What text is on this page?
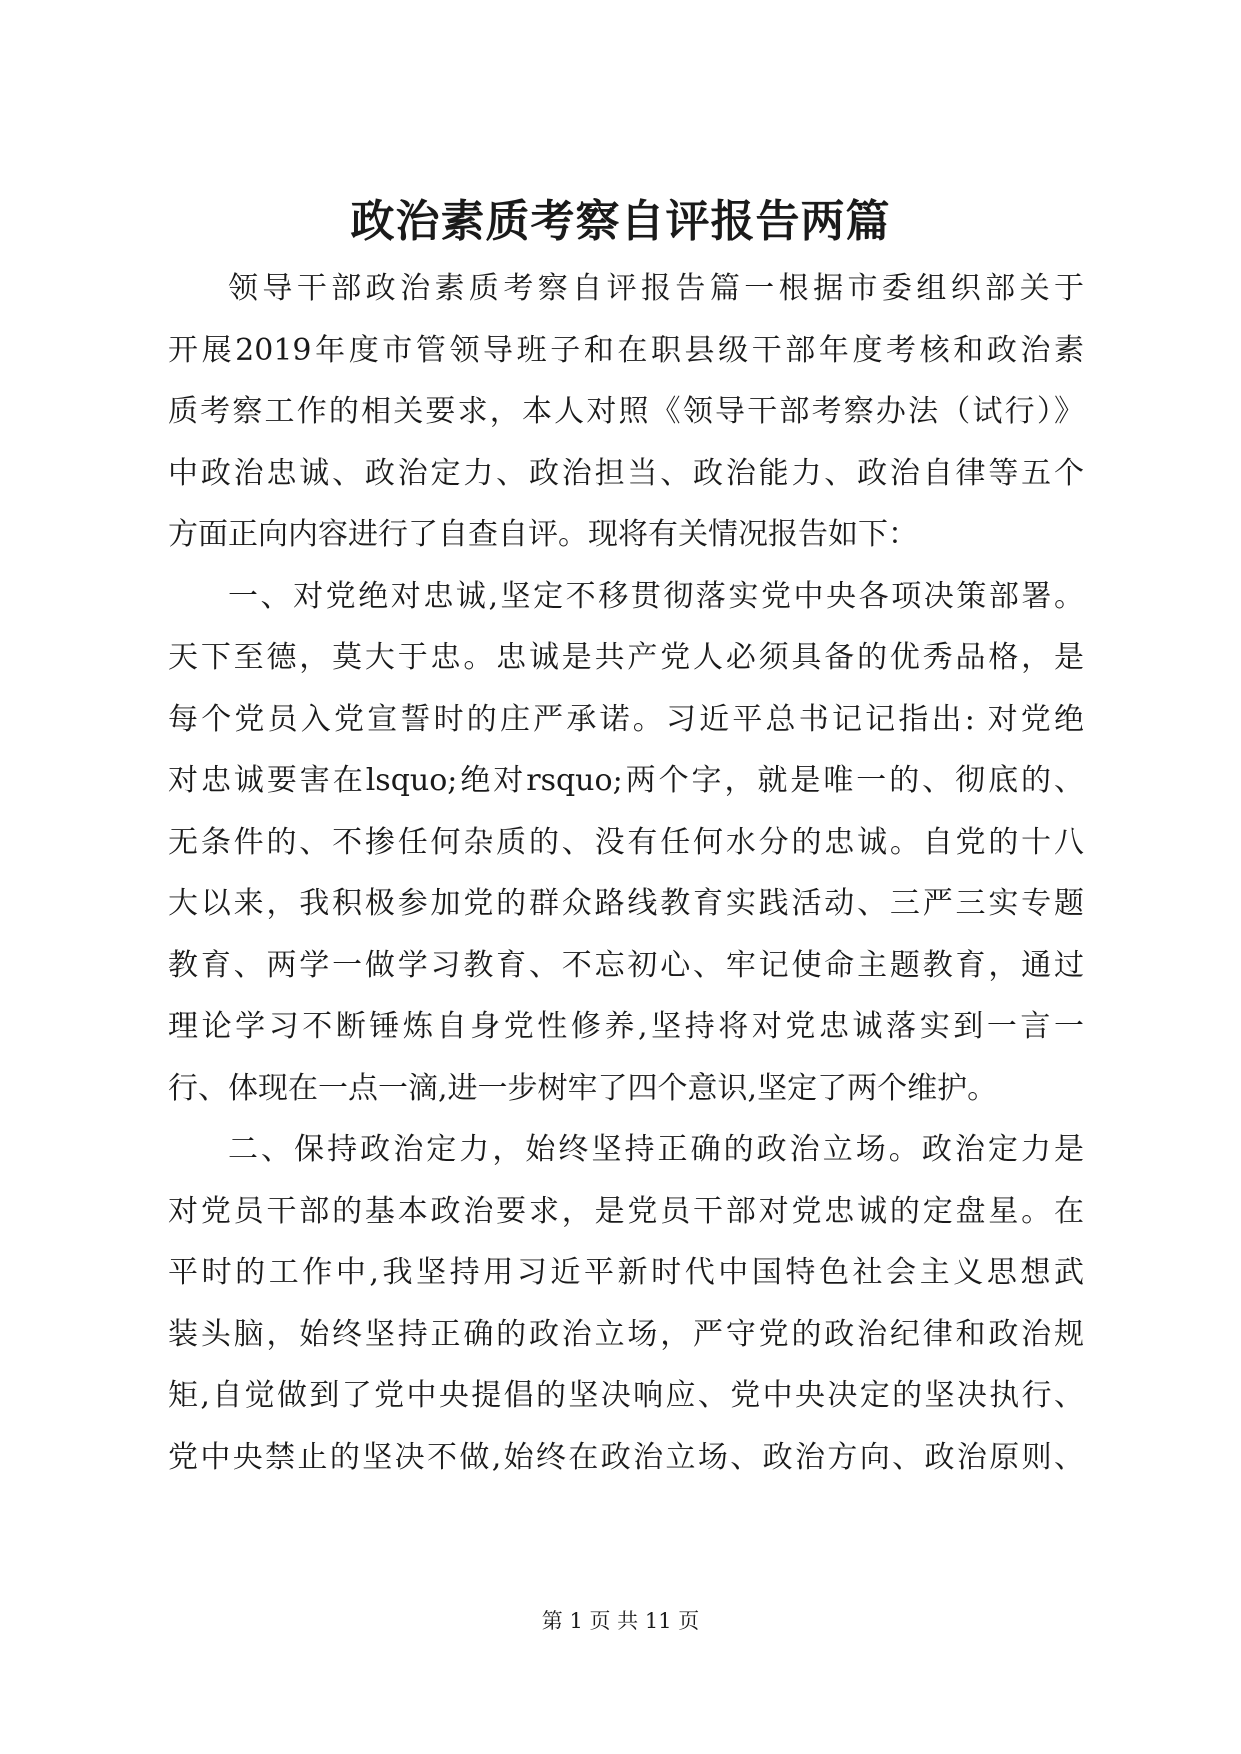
政治素质考察自评报告两篇
领导干部政治素质考察自评报告篇一根据市委组织部关于
开展2019年度市管领导班子和在职县级干部年度考核和政治素
质考察工作的相关要求，本人对照《领导干部考察办法（试行）》
中政治忠诚、政治定力、政治担当、政治能力、政治自律等五个
方面正向内容进行了自查自评。现将有关情况报告如下：
一、对党绝对忠诚,坚定不移贯彻落实党中央各项决策部署。
天下至德，莫大于忠。忠诚是共产党人必须具备的优秀品格，是
每个党员入党宣誓时的庄严承诺。习近平总书记记指出: 对党绝
对忠诚要害在lsquo;绝对rsquo;两个字，就是唯一的、彻底的、
无条件的、不掺任何杂质的、没有任何水分的忠诚。自党的十八
大以来，我积极参加党的群众路线教育实践活动、三严三实专题
教育、两学一做学习教育、不忘初心、牢记使命主题教育，通过
理论学习不断锤炼自身党性修养,坚持将对党忠诚落实到一言一
行、体现在一点一滴,进一步树牢了四个意识,坚定了两个维护。
二、保持政治定力，始终坚持正确的政治立场。政治定力是
对党员干部的基本政治要求，是党员干部对党忠诚的定盘星。在
平时的工作中,我坚持用习近平新时代中国特色社会主义思想武
装头脑，始终坚持正确的政治立场，严守党的政治纪律和政治规
矩,自觉做到了党中央提倡的坚决响应、党中央决定的坚决执行、
党中央禁止的坚决不做,始终在政治立场、政治方向、政治原则、
第 1 页 共 11 页
